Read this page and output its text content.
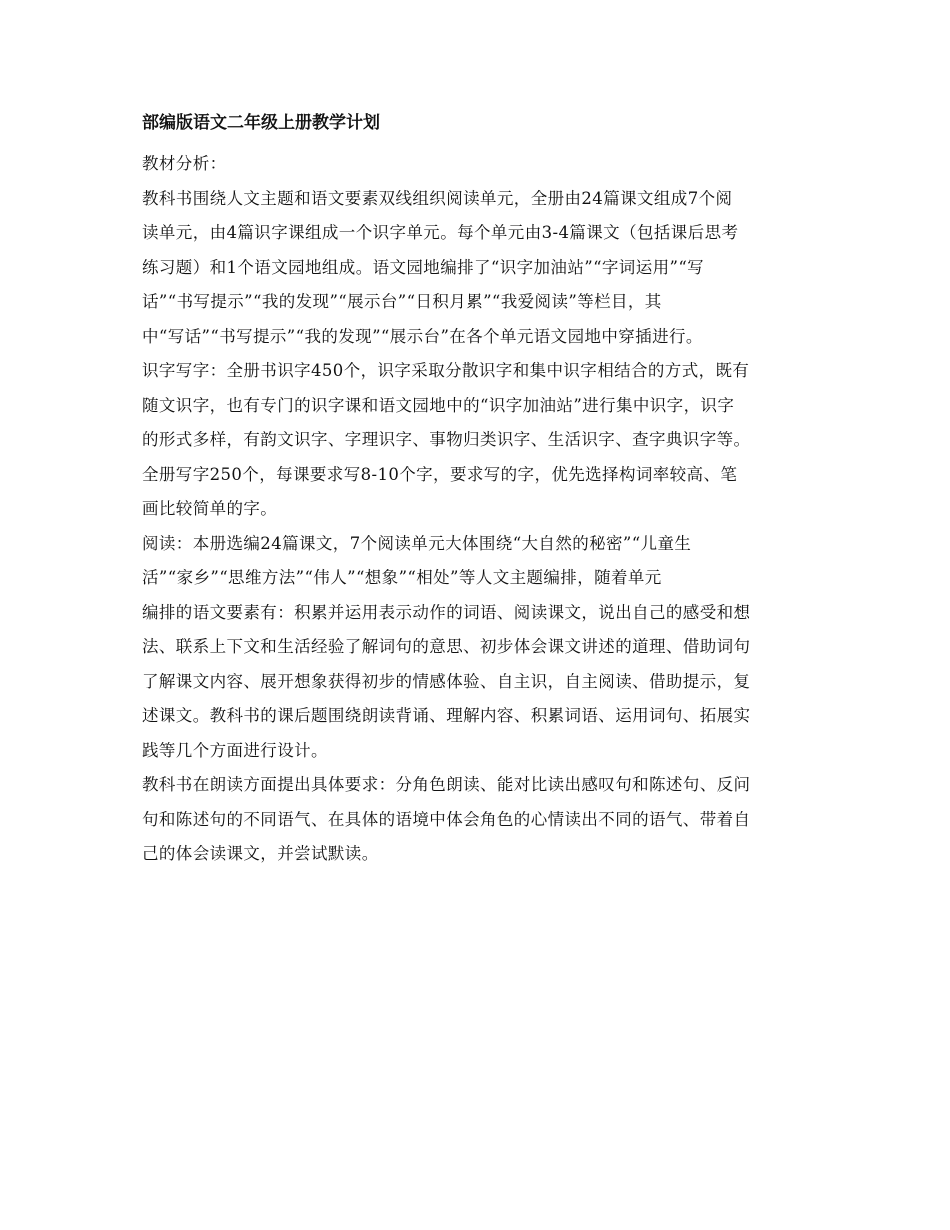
部编版语文二年级上册教学计划
教材分析：
教科书围绕人文主题和语文要素双线组织阅读单元，全册由24篇课文组成7个阅
读单元，由4篇识字课组成一个识字单元。每个单元由3-4篇课文（包括课后思考
练习题）和1个语文园地组成。语文园地编排了“识字加油站”“字词运用”“写
话”“书写提示”“我的发现”“展示台”“日积月累”“我爱阅读”等栏目，其
中“写话”“书写提示”“我的发现”“展示台”在各个单元语文园地中穿插进行。
识字写字：全册书识字450个，识字采取分散识字和集中识字相结合的方式，既有
随文识字，也有专门的识字课和语文园地中的“识字加油站”进行集中识字，识字
的形式多样，有韵文识字、字理识字、事物归类识字、生活识字、查字典识字等。
全册写字250个，每课要求写8-10个字，要求写的字，优先选择构词率较高、笔
画比较简单的字。
阅读：本册选编24篇课文，7个阅读单元大体围绕“大自然的秘密”“儿童生
活”“家乡”“思维方法”“伟人”“想象”“相处”等人文主题编排，随着单元
编排的语文要素有：积累并运用表示动作的词语、阅读课文，说出自己的感受和想
法、联系上下文和生活经验了解词句的意思、初步体会课文讲述的道理、借助词句
了解课文内容、展开想象获得初步的情感体验、自主识，自主阅读、借助提示，复
述课文。教科书的课后题围绕朗读背诵、理解内容、积累词语、运用词句、拓展实
践等几个方面进行设计。
教科书在朗读方面提出具体要求：分角色朗读、能对比读出感叹句和陈述句、反问
句和陈述句的不同语气、在具体的语境中体会角色的心情读出不同的语气、带着自
己的体会读课文，并尝试默读。
